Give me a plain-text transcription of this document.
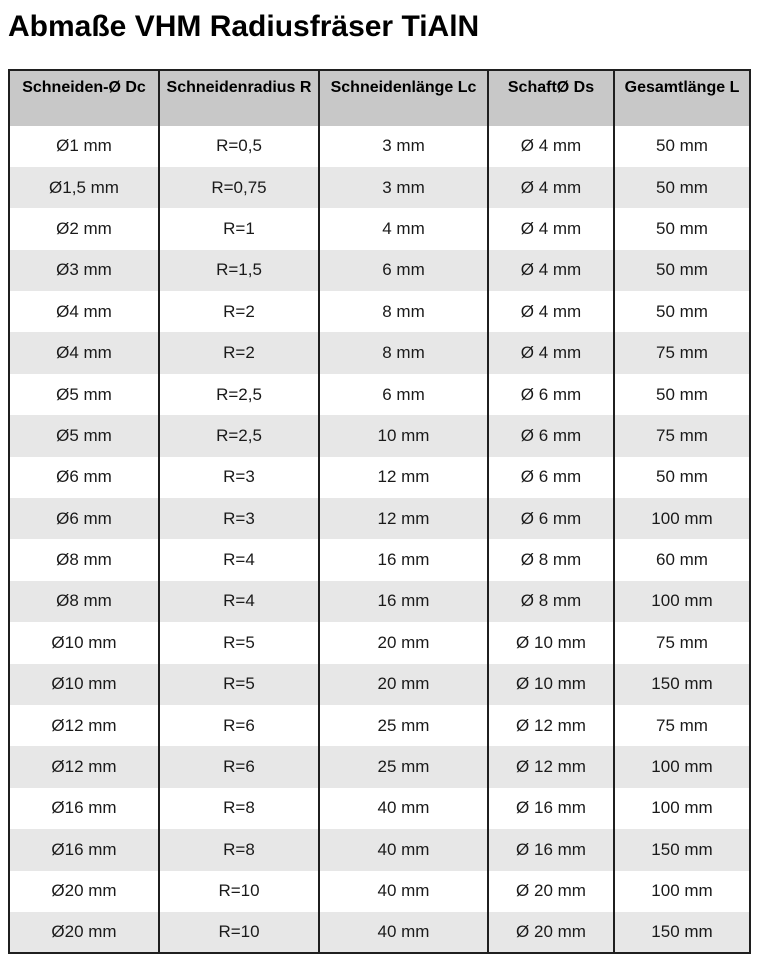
Abmaße VHM Radiusfräser TiAlN
Schneiden-Ø Dc	Schneidenradius R	Schneidenlänge Lc	SchaftØ Ds	Gesamtlänge L
Ø1 mm	R=0,5	3 mm	Ø 4 mm	50 mm
Ø1,5 mm	R=0,75	3 mm	Ø 4 mm	50 mm
Ø2 mm	R=1	4 mm	Ø 4 mm	50 mm
Ø3 mm	R=1,5	6 mm	Ø 4 mm	50 mm
Ø4 mm	R=2	8 mm	Ø 4 mm	50 mm
Ø4 mm	R=2	8 mm	Ø 4 mm	75 mm
Ø5 mm	R=2,5	6 mm	Ø 6 mm	50 mm
Ø5 mm	R=2,5	10 mm	Ø 6 mm	75 mm
Ø6 mm	R=3	12 mm	Ø 6 mm	50 mm
Ø6 mm	R=3	12 mm	Ø 6 mm	100 mm
Ø8 mm	R=4	16 mm	Ø 8 mm	60 mm
Ø8 mm	R=4	16 mm	Ø 8 mm	100 mm
Ø10 mm	R=5	20 mm	Ø 10 mm	75 mm
Ø10 mm	R=5	20 mm	Ø 10 mm	150 mm
Ø12 mm	R=6	25 mm	Ø 12 mm	75 mm
Ø12 mm	R=6	25 mm	Ø 12 mm	100 mm
Ø16 mm	R=8	40 mm	Ø 16 mm	100 mm
Ø16 mm	R=8	40 mm	Ø 16 mm	150 mm
Ø20 mm	R=10	40 mm	Ø 20 mm	100 mm
Ø20 mm	R=10	40 mm	Ø 20 mm	150 mm
